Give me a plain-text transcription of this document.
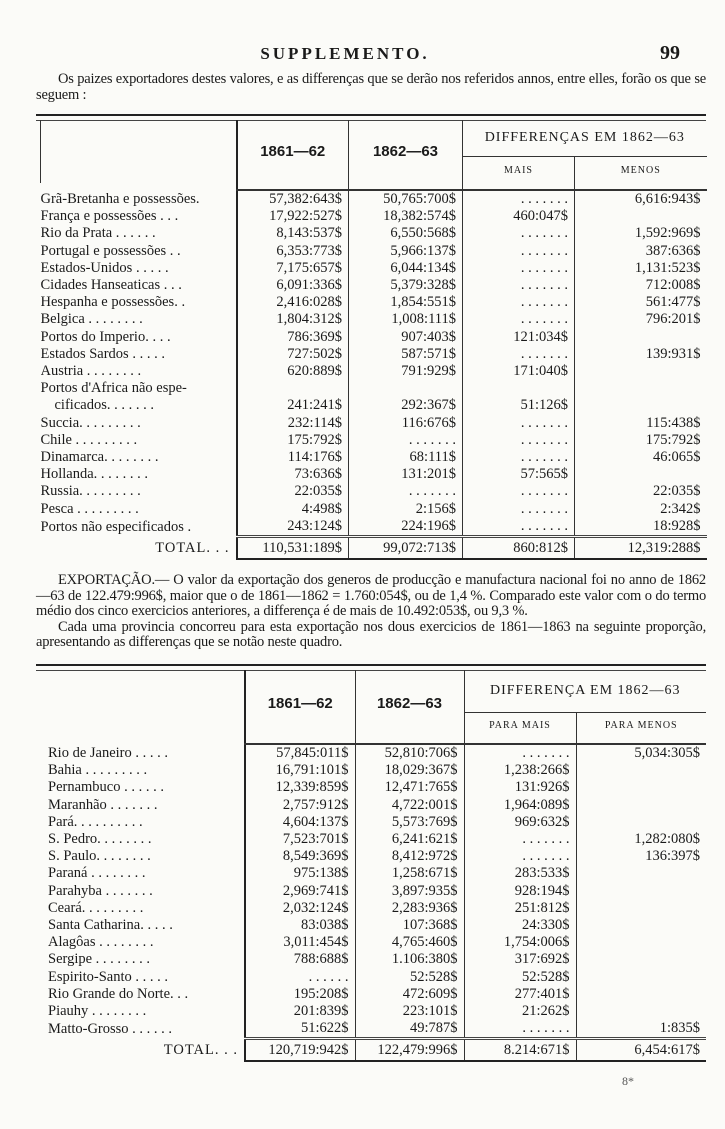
SUPPLEMENTO.	99

Os paizes exportadores destes valores, e as differenças que se derão nos referidos annos, entre elles, forão os que se seguem :

	1861—62	1862—63	DIFFERENÇAS EM 1862—63	
			MAIS	MENOS

Grã-Bretanha e possessões.	57,382:643$	50,765:700$	. . . . . . .	6,616:943$
França e possessões . . .	17,922:527$	18,382:574$	460:047$	
Rio da Prata . . . . . .	8,143:537$	6,550:568$	. . . . . . .	1,592:969$
Portugal e possessões . .	6,353:773$	5,966:137$	. . . . . . .	387:636$
Estados-Unidos . . . . .	7,175:657$	6,044:134$	. . . . . . .	1,131:523$
Cidades Hanseaticas . . .	6,091:336$	5,379:328$	. . . . . . .	712:008$
Hespanha e possessões. .	2,416:028$	1,854:551$	. . . . . . .	561:477$
Belgica . . . . . . . .	1,804:312$	1,008:111$	. . . . . . .	796:201$
Portos do Imperio. . . .	786:369$	907:403$	121:034$	
Estados Sardos . . . . .	727:502$	587:571$	. . . . . . .	139:931$
Austria . . . . . . . .	620:889$	791:929$	171:040$	
Portos d'Africa não espe-				
cificados. . . . . . .	241:241$	292:367$	51:126$	
Succia. . . . . . . . .	232:114$	116:676$	. . . . . . .	115:438$
Chile . . . . . . . . .	175:792$	. . . . . . .	. . . . . . .	175:792$
Dinamarca. . . . . . . .	114:176$	68:111$	. . . . . . .	46:065$
Hollanda. . . . . . . .	73:636$	131:201$	57:565$	
Russia. . . . . . . . .	22:035$	. . . . . . .	. . . . . . .	22:035$
Pesca . . . . . . . . .	4:498$	2:156$	. . . . . . .	2:342$
Portos não especificados .	243:124$	224:196$	. . . . . . .	18:928$
TOTAL. . .	110,531:189$	99,072:713$	860:812$	12,319:288$

EXPORTAÇÃO.— O valor da exportação dos generos de producção e manufactura nacional foi no anno de 1862—63 de 122.479:996$, maior que o de 1861—1862 = 1.760:054$, ou de 1,4 %. Comparado este valor com o do termo médio dos cinco exercicios anteriores, a differença é de mais de 10.492:053$, ou 9,3 %.

Cada uma provincia concorreu para esta exportação nos dous exercicios de 1861—1863 na seguinte proporção, apresentando as differenças que se notão neste quadro.

	1861—62	1862—63	DIFFERENÇA EM 1862—63	
			PARA MAIS	PARA MENOS

Rio de Janeiro . . . . .	57,845:011$	52,810:706$	. . . . . . .	5,034:305$
Bahia . . . . . . . . .	16,791:101$	18,029:367$	1,238:266$	
Pernambuco . . . . . .	12,339:859$	12,471:765$	131:926$	
Maranhão . . . . . . .	2,757:912$	4,722:001$	1,964:089$	
Pará. . . . . . . . . .	4,604:137$	5,573:769$	969:632$	
S. Pedro. . . . . . . .	7,523:701$	6,241:621$	. . . . . . .	1,282:080$
S. Paulo. . . . . . . .	8,549:369$	8,412:972$	. . . . . . .	136:397$
Paraná . . . . . . . .	975:138$	1,258:671$	283:533$	
Parahyba . . . . . . .	2,969:741$	3,897:935$	928:194$	
Ceará. . . . . . . . .	2,032:124$	2,283:936$	251:812$	
Santa Catharina. . . . .	83:038$	107:368$	24:330$	
Alagôas . . . . . . . .	3,011:454$	4,765:460$	1,754:006$	
Sergipe . . . . . . . .	788:688$	1.106:380$	317:692$	
Espirito-Santo . . . . .	. . . . . .	52:528$	52:528$	
Rio Grande do Norte. . .	195:208$	472:609$	277:401$	
Piauhy . . . . . . . .	201:839$	223:101$	21:262$	
Matto-Grosso . . . . . .	51:622$	49:787$	. . . . . . .	1:835$
TOTAL. . .	120,719:942$	122,479:996$	8.214:671$	6,454:617$

8*
